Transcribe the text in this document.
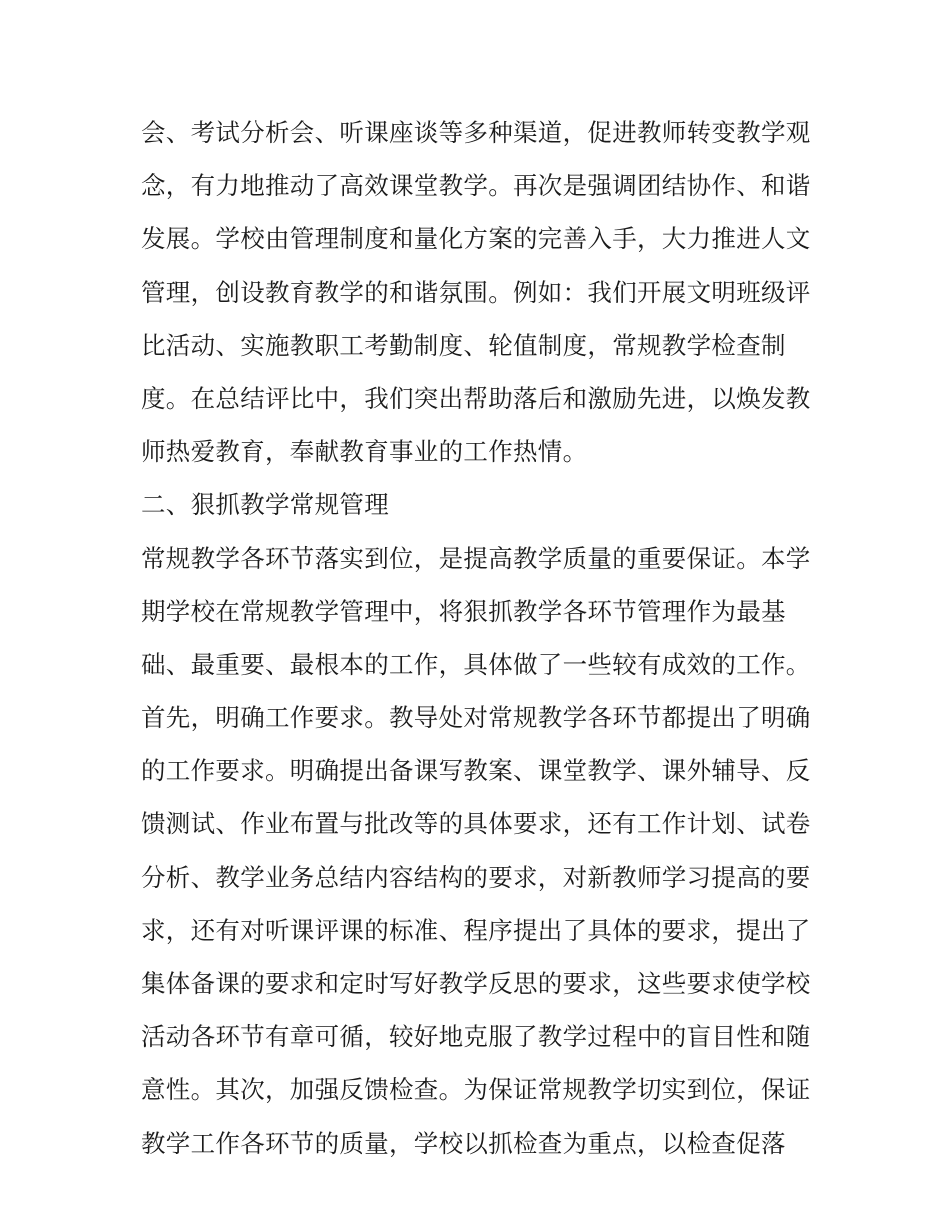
会、考试分析会、听课座谈等多种渠道，促进教师转变教学观
念，有力地推动了高效课堂教学。再次是强调团结协作、和谐
发展。学校由管理制度和量化方案的完善入手，大力推进人文
管理，创设教育教学的和谐氛围。例如：我们开展文明班级评
比活动、实施教职工考勤制度、轮值制度，常规教学检查制
度。在总结评比中，我们突出帮助落后和激励先进，以焕发教
师热爱教育，奉献教育事业的工作热情。
二、狠抓教学常规管理
常规教学各环节落实到位，是提高教学质量的重要保证。本学
期学校在常规教学管理中，将狠抓教学各环节管理作为最基
础、最重要、最根本的工作，具体做了一些较有成效的工作。
首先，明确工作要求。教导处对常规教学各环节都提出了明确
的工作要求。明确提出备课写教案、课堂教学、课外辅导、反
馈测试、作业布置与批改等的具体要求，还有工作计划、试卷
分析、教学业务总结内容结构的要求，对新教师学习提高的要
求，还有对听课评课的标准、程序提出了具体的要求，提出了
集体备课的要求和定时写好教学反思的要求，这些要求使学校
活动各环节有章可循，较好地克服了教学过程中的盲目性和随
意性。其次，加强反馈检查。为保证常规教学切实到位，保证
教学工作各环节的质量，学校以抓检查为重点，以检查促落
